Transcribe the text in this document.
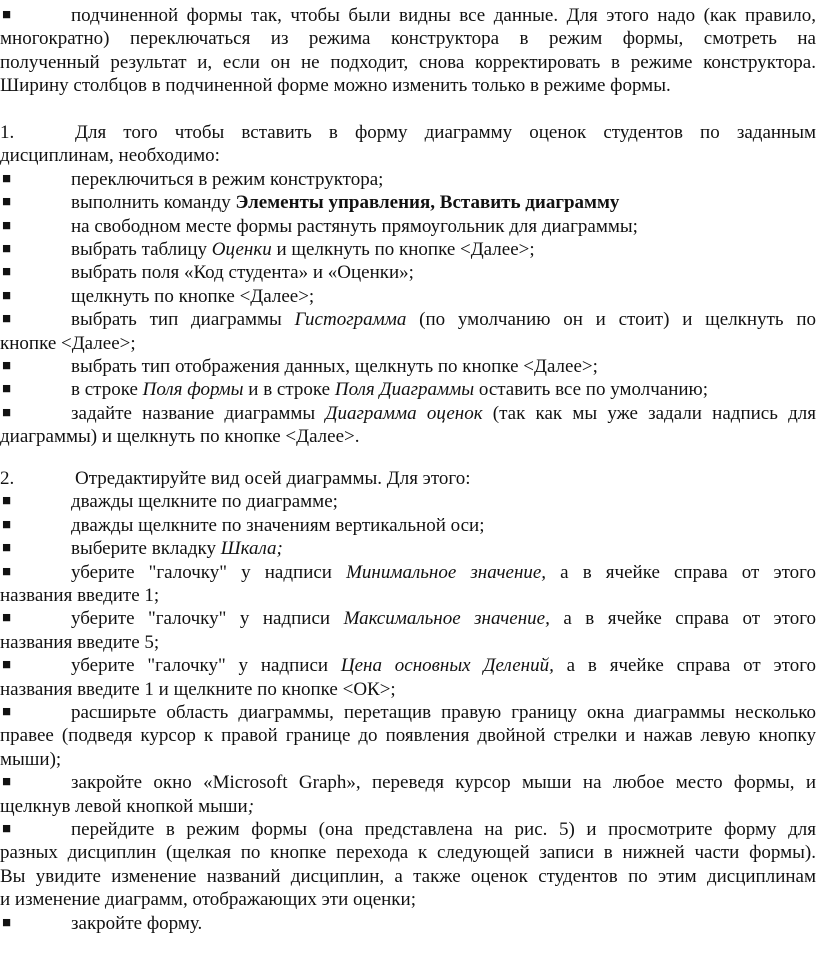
■	подчиненной формы так, чтобы были видны все данные. Для этого надо (как правило,
многократно) переключаться из режима конструктора в режим формы, смотреть на
полученный результат и, если он не подходит, снова корректировать в режиме конструктора.
Ширину столбцов в подчиненной форме можно изменить только в режиме формы.
1.	Для того чтобы вставить в форму диаграмму оценок студентов по заданным
дисциплинам, необходимо:
■	переключиться в режим конструктора;
■	выполнить команду Элементы управления, Вставить диаграмму
■	на свободном месте формы растянуть прямоугольник для диаграммы;
■	выбрать таблицу Оценки и щелкнуть по кнопке <Далее>;
■	выбрать поля «Код студента» и «Оценки»;
■	щелкнуть по кнопке <Далее>;
■	выбрать тип диаграммы Гистограмма (по умолчанию он и стоит) и щелкнуть по
кнопке <Далее>;
■	выбрать тип отображения данных, щелкнуть по кнопке <Далее>;
■	в строке Поля формы и в строке Поля Диаграммы оставить все по умолчанию;
■	задайте название диаграммы Диаграмма оценок (так как мы уже задали надпись для
диаграммы) и щелкнуть по кнопке <Далее>.
2.	Отредактируйте вид осей диаграммы. Для этого:
■	дважды щелкните по диаграмме;
■	дважды щелкните по значениям вертикальной оси;
■	выберите вкладку Шкала;
■	уберите "галочку" у надписи Минимальное значение, а в ячейке справа от этого
названия введите 1;
■	уберите "галочку" у надписи Максимальное значение, а в ячейке справа от этого
названия введите 5;
■	уберите "галочку" у надписи Цена основных Делений, а в ячейке справа от этого
названия введите 1 и щелкните по кнопке <ОК>;
■	расширьте область диаграммы, перетащив правую границу окна диаграммы несколько
правее (подведя курсор к правой границе до появления двойной стрелки и нажав левую кнопку
мыши);
■	закройте окно «Microsoft Graph», переведя курсор мыши на любое место формы, и
щелкнув левой кнопкой мыши;
■	перейдите в режим формы (она представлена на рис. 5) и просмотрите форму для
разных дисциплин (щелкая по кнопке перехода к следующей записи в нижней части формы).
Вы увидите изменение названий дисциплин, а также оценок студентов по этим дисциплинам
и изменение диаграмм, отображающих эти оценки;
■	закройте форму.
